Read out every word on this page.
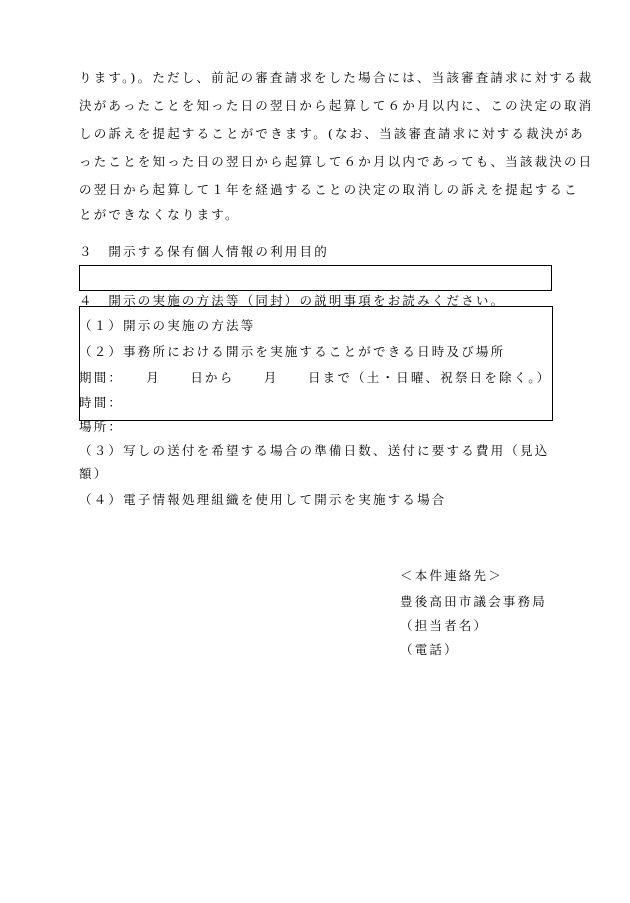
ります。)。ただし、前記の審査請求をした場合には、当該審査請求に対する裁
決があったことを知った日の翌日から起算して６か月以内に、この決定の取消
しの訴えを提起することができます。(なお、当該審査請求に対する裁決があ
ったことを知った日の翌日から起算して６か月以内であっても、当該裁決の日
の翌日から起算して１年を経過することの決定の取消しの訴えを提起するこ
とができなくなります。
３　開示する保有個人情報の利用目的
４　開示の実施の方法等（同封）の説明事項をお読みください。
（１）開示の実施の方法等
（２）事務所における開示を実施することができる日時及び場所
期間：　　月　　日から　　月　　日まで（土・日曜、祝祭日を除く。）
時間：
場所：
（３）写しの送付を希望する場合の準備日数、送付に要する費用（見込
額）
（４）電子情報処理組織を使用して開示を実施する場合
＜本件連絡先＞
豊後高田市議会事務局
（担当者名）
（電話）
